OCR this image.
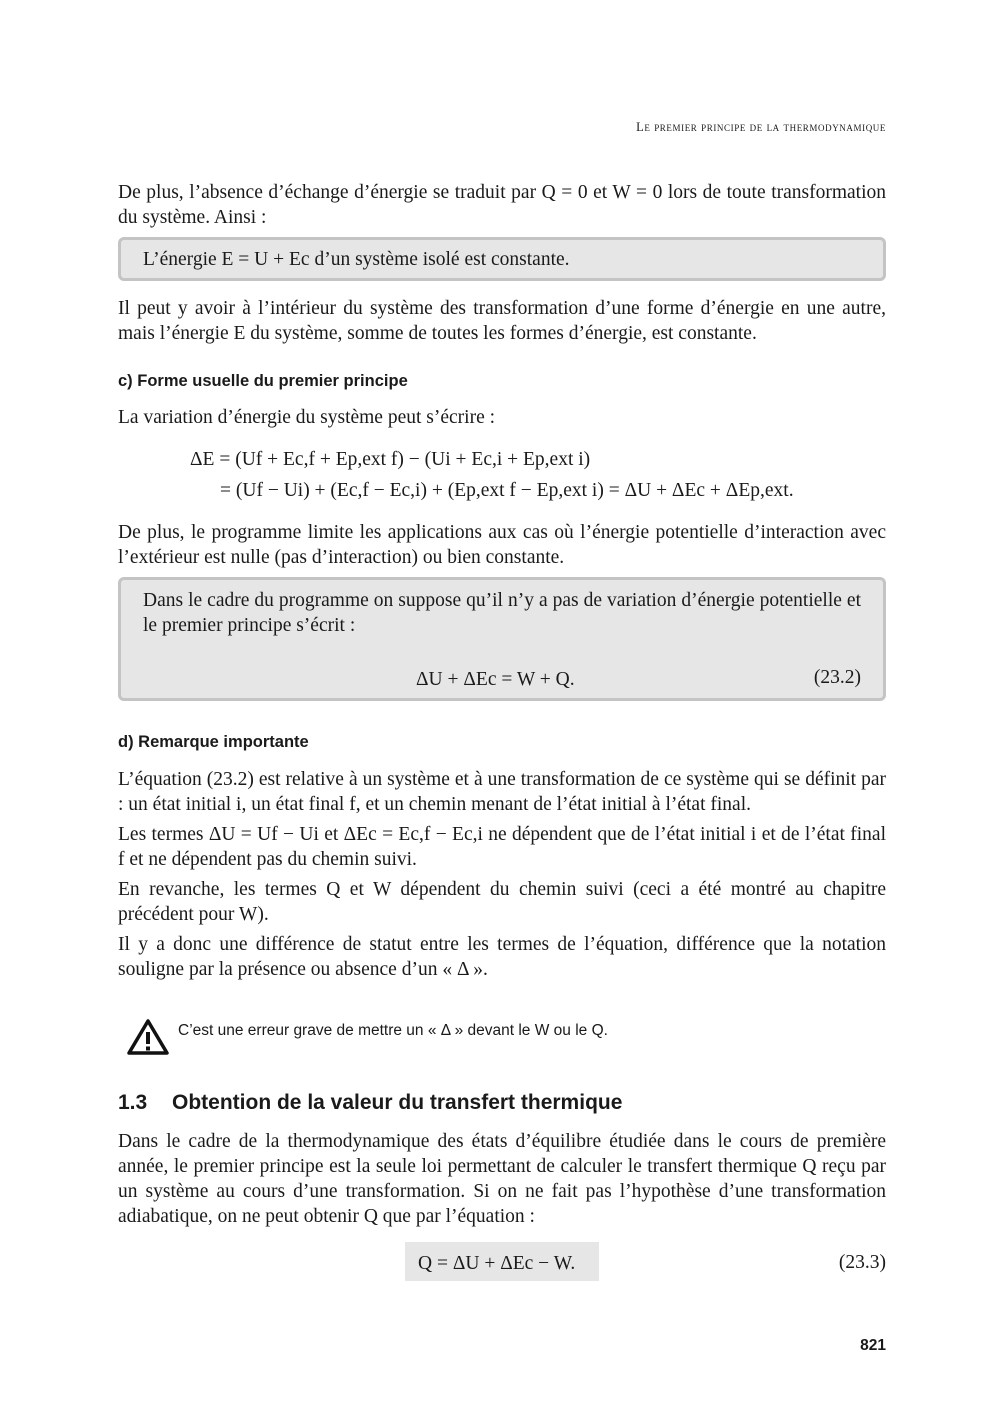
Le premier principe de la thermodynamique
De plus, l’absence d’échange d’énergie se traduit par Q = 0 et W = 0 lors de toute transformation du système. Ainsi :
L’énergie E = U + Ec d’un système isolé est constante.
Il peut y avoir à l’intérieur du système des transformation d’une forme d’énergie en une autre, mais l’énergie E du système, somme de toutes les formes d’énergie, est constante.
c) Forme usuelle du premier principe
La variation d’énergie du système peut s’écrire :
ΔE = (Uf + Ec,f + Ep,ext f) − (Ui + Ec,i + Ep,ext i)
= (Uf − Ui) + (Ec,f − Ec,i) + (Ep,ext f − Ep,ext i) = ΔU + ΔEc + ΔEp,ext.
De plus, le programme limite les applications aux cas où l’énergie potentielle d’interaction avec l’extérieur est nulle (pas d’interaction) ou bien constante.
Dans le cadre du programme on suppose qu’il n’y a pas de variation d’énergie potentielle et le premier principe s’écrit :
ΔU + ΔEc = W + Q.	(23.2)
d) Remarque importante
L’équation (23.2) est relative à un système et à une transformation de ce système qui se définit par : un état initial i, un état final f, et un chemin menant de l’état initial à l’état final.
Les termes ΔU = Uf − Ui et ΔEc = Ec,f − Ec,i ne dépendent que de l’état initial i et de l’état final f et ne dépendent pas du chemin suivi.
En revanche, les termes Q et W dépendent du chemin suivi (ceci a été montré au chapitre précédent pour W).
Il y a donc une différence de statut entre les termes de l’équation, différence que la notation souligne par la présence ou absence d’un « Δ ».
C’est une erreur grave de mettre un « Δ » devant le W ou le Q.
1.3 Obtention de la valeur du transfert thermique
Dans le cadre de la thermodynamique des états d’équilibre étudiée dans le cours de première année, le premier principe est la seule loi permettant de calculer le transfert thermique Q reçu par un système au cours d’une transformation. Si on ne fait pas l’hypothèse d’une transformation adiabatique, on ne peut obtenir Q que par l’équation :
Q = ΔU + ΔEc − W.	(23.3)
821
